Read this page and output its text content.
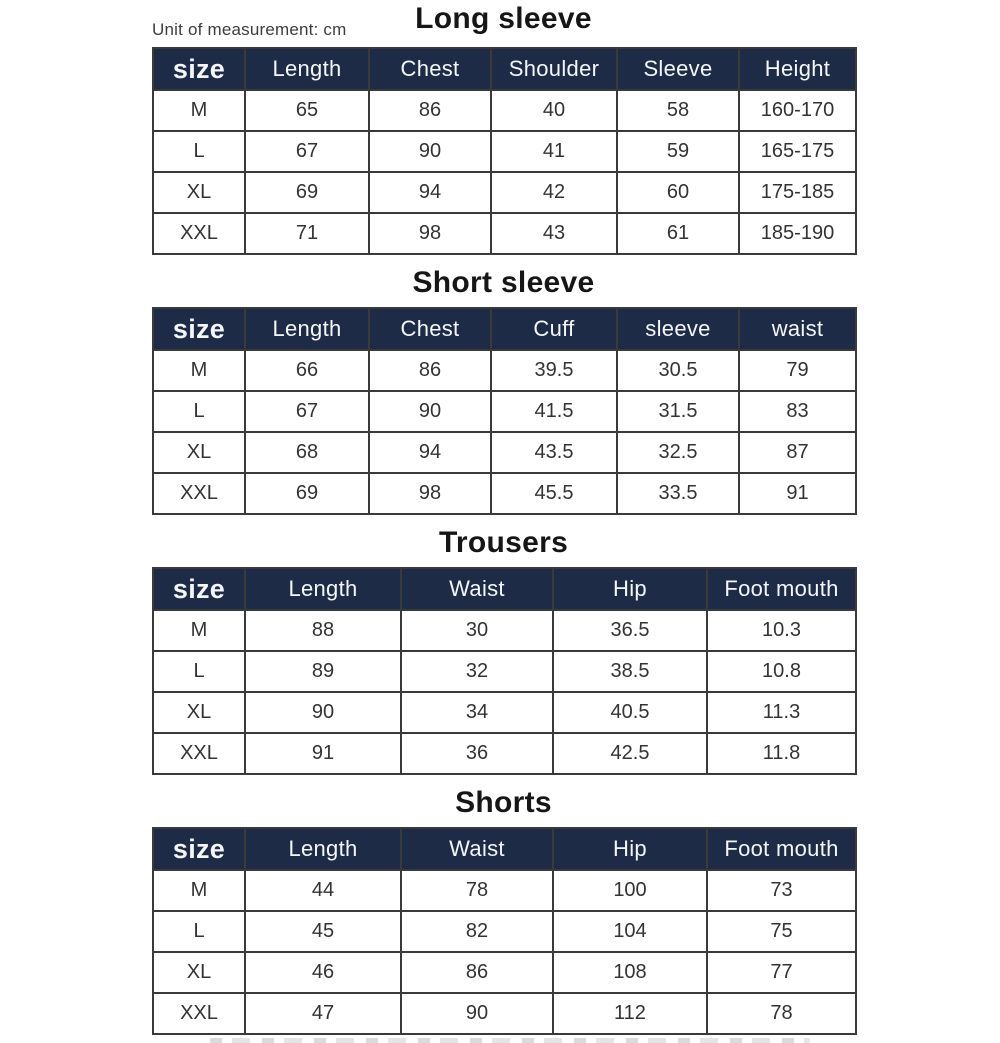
Long sleeve
Unit of measurement: cm
size	Length	Chest	Shoulder	Sleeve	Height
M	65	86	40	58	160-170
L	67	90	41	59	165-175
XL	69	94	42	60	175-185
XXL	71	98	43	61	185-190
Short sleeve
size	Length	Chest	Cuff	sleeve	waist
M	66	86	39.5	30.5	79
L	67	90	41.5	31.5	83
XL	68	94	43.5	32.5	87
XXL	69	98	45.5	33.5	91
Trousers
size	Length	Waist	Hip	Foot mouth
M	88	30	36.5	10.3
L	89	32	38.5	10.8
XL	90	34	40.5	11.3
XXL	91	36	42.5	11.8
Shorts
size	Length	Waist	Hip	Foot mouth
M	44	78	100	73
L	45	82	104	75
XL	46	86	108	77
XXL	47	90	112	78
